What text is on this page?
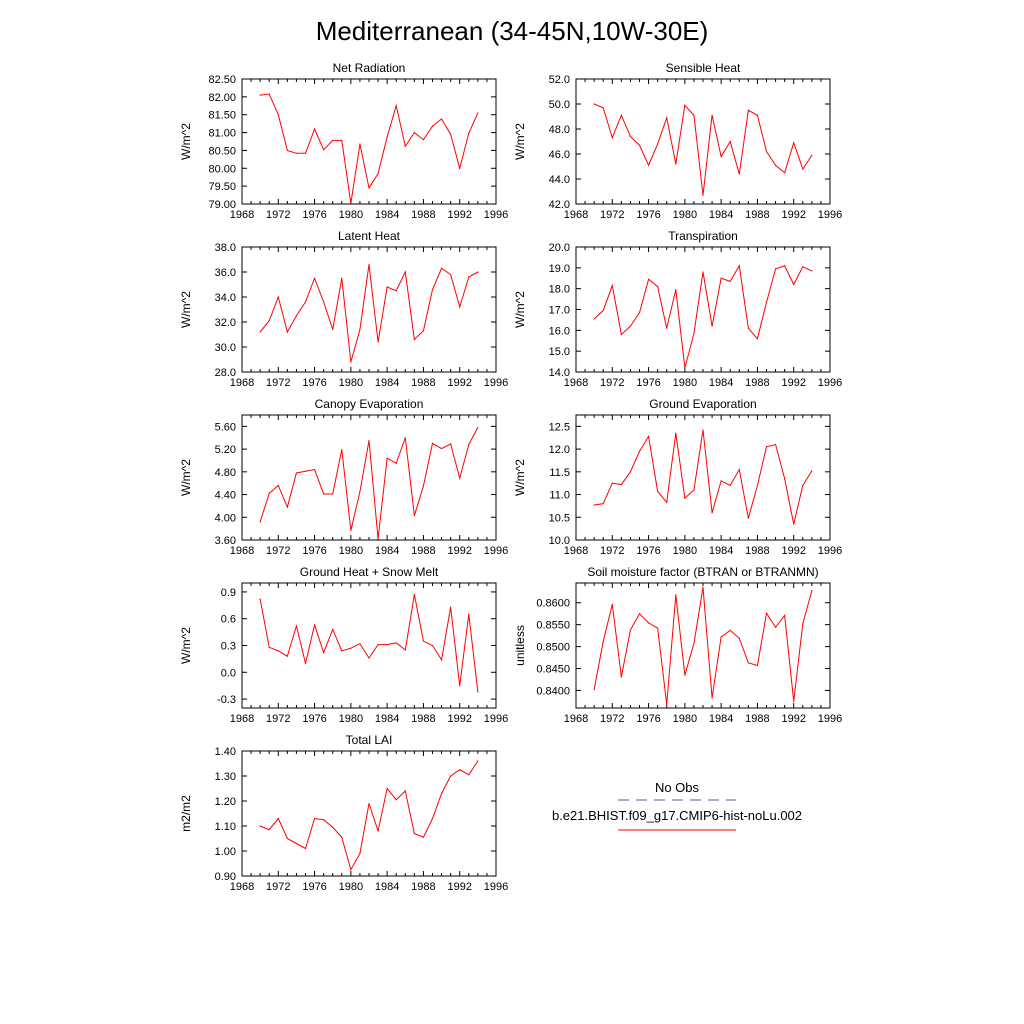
Mediterranean (34-45N,10W-30E)
Net Radiation
W/m^2
1968 1972 1976 1980 1984 1988 1992 1996
79.00
79.50
80.00
80.50
81.00
81.50
82.00
82.50
Sensible Heat
W/m^2
1968 1972 1976 1980 1984 1988 1992 1996
42.0
44.0
46.0
48.0
50.0
52.0
Latent Heat
W/m^2
1968 1972 1976 1980 1984 1988 1992 1996
28.0
30.0
32.0
34.0
36.0
38.0
Transpiration
W/m^2
1968 1972 1976 1980 1984 1988 1992 1996
14.0
15.0
16.0
17.0
18.0
19.0
20.0
Canopy Evaporation
W/m^2
1968 1972 1976 1980 1984 1988 1992 1996
3.60
4.00
4.40
4.80
5.20
5.60
Ground Evaporation
W/m^2
1968 1972 1976 1980 1984 1988 1992 1996
10.0
10.5
11.0
11.5
12.0
12.5
Ground Heat + Snow Melt
W/m^2
1968 1972 1976 1980 1984 1988 1992 1996
-0.3
0.0
0.3
0.6
0.9
Soil moisture factor (BTRAN or BTRANMN)
unitless
1968 1972 1976 1980 1984 1988 1992 1996
0.8400
0.8450
0.8500
0.8550
0.8600
Total LAI
m2/m2
1968 1972 1976 1980 1984 1988 1992 1996
0.90
1.00
1.10
1.20
1.30
1.40
No Obs
b.e21.BHIST.f09_g17.CMIP6-hist-noLu.002
